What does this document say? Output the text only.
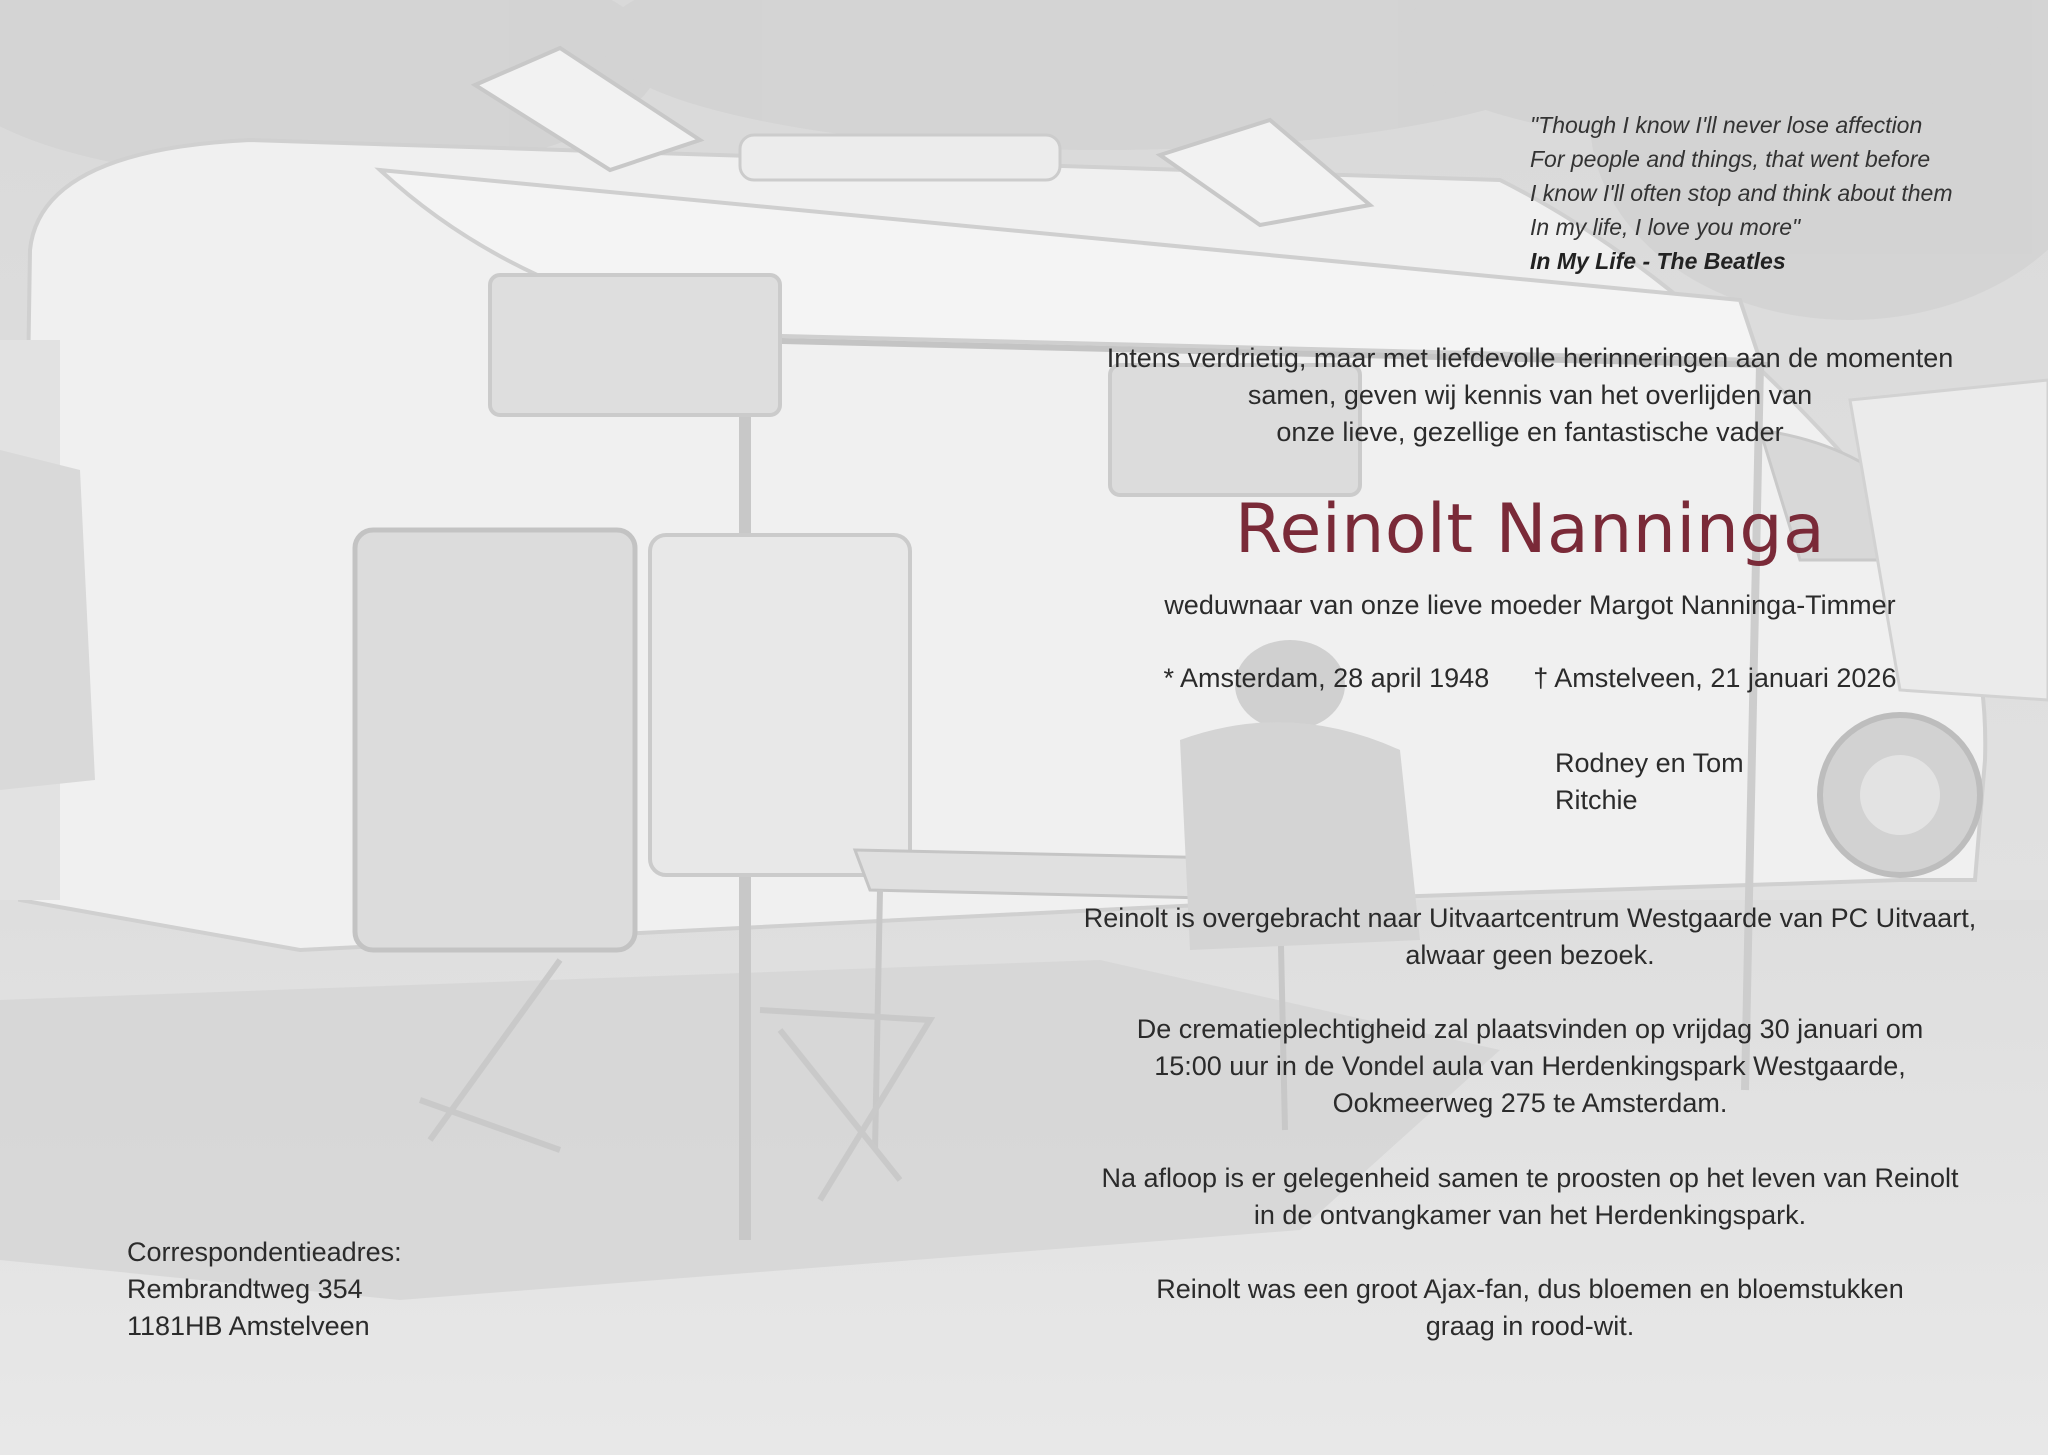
"Though I know I'll never lose affection
For people and things, that went before
I know I'll often stop and think about them
In my life, I love you more"
In My Life - The Beatles
Intens verdrietig, maar met liefdevolle herinneringen aan de momenten
samen, geven wij kennis van het overlijden van
onze lieve, gezellige en fantastische vader
Reinolt Nanninga
weduwnaar van onze lieve moeder Margot Nanninga-Timmer
* Amsterdam, 28 april 1948 † Amstelveen, 21 januari 2026
Rodney en Tom
Ritchie
Reinolt is overgebracht naar Uitvaartcentrum Westgaarde van PC Uitvaart,
alwaar geen bezoek.
De crematieplechtigheid zal plaatsvinden op vrijdag 30 januari om
15:00 uur in de Vondel aula van Herdenkingspark Westgaarde,
Ookmeerweg 275 te Amsterdam.
Na afloop is er gelegenheid samen te proosten op het leven van Reinolt
in de ontvangkamer van het Herdenkingspark.
Reinolt was een groot Ajax-fan, dus bloemen en bloemstukken
graag in rood-wit.
Correspondentieadres:
Rembrandtweg 354
1181HB Amstelveen
